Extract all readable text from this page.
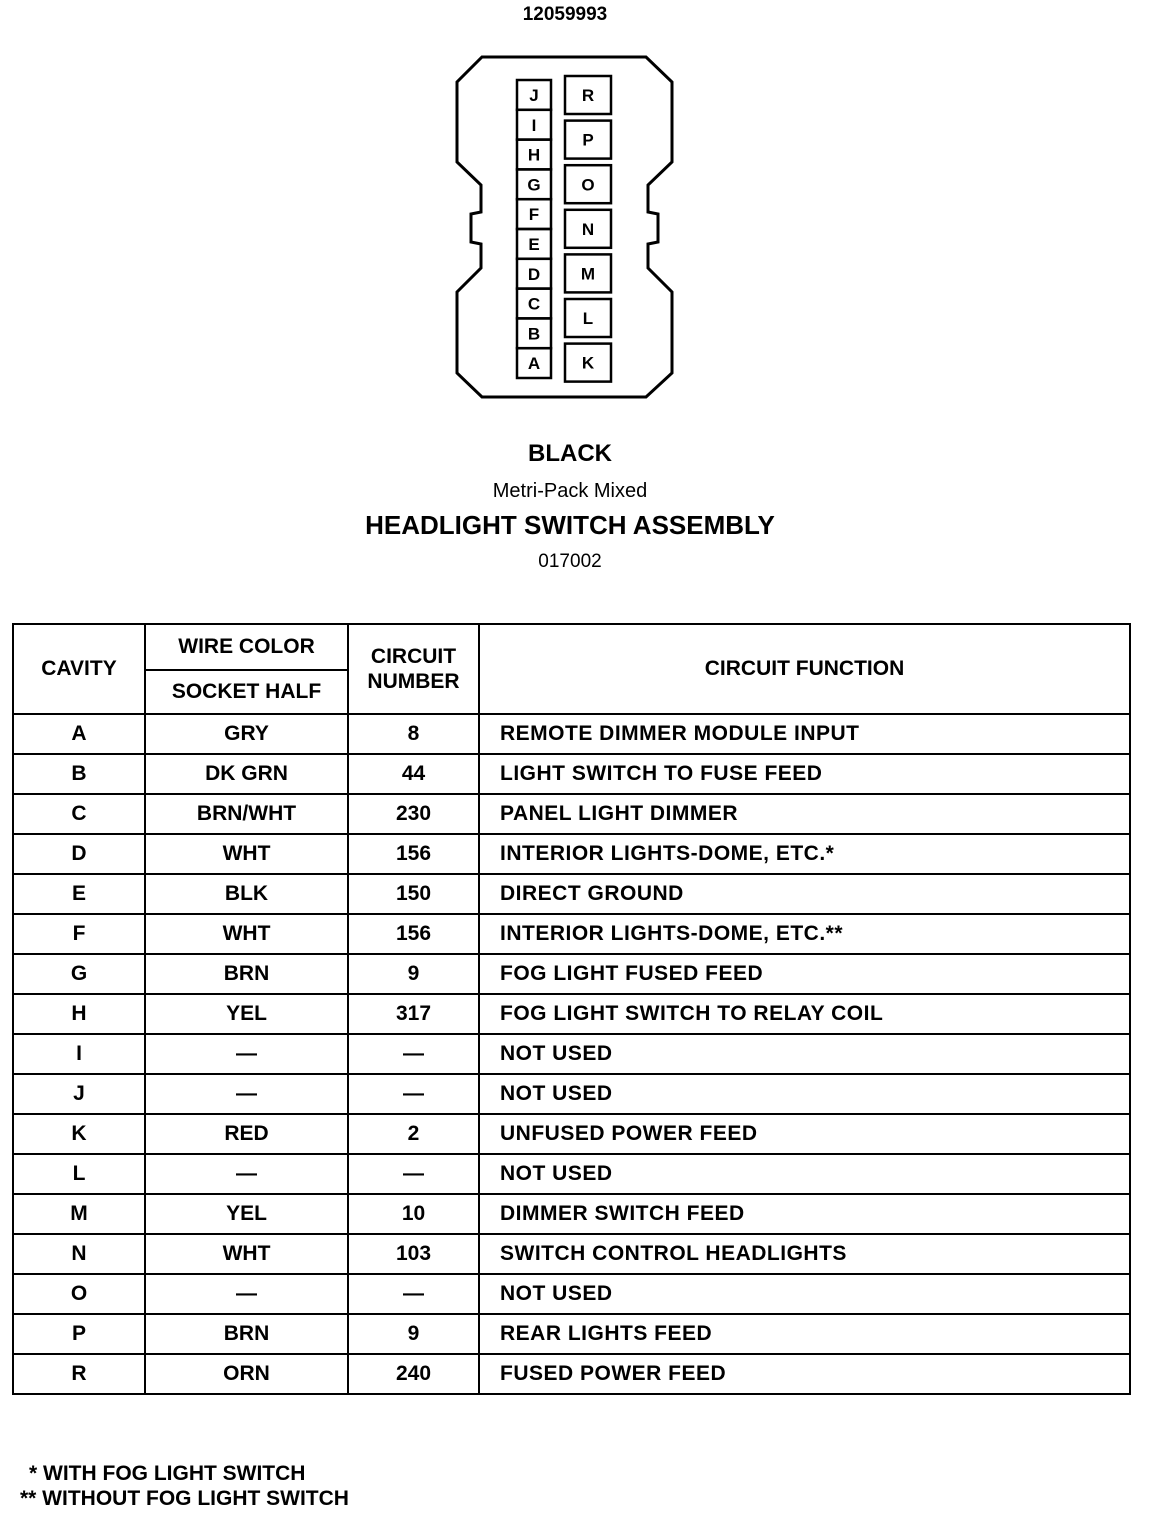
12059993
J
I
H
G
F
E
D
C
B
A
R
P
O
N
M
L
K
BLACK
Metri-Pack Mixed
HEADLIGHT SWITCH ASSEMBLY
017002
CAVITY	WIRE COLOR	CIRCUIT NUMBER	CIRCUIT FUNCTION
	SOCKET HALF		
A	GRY	8	REMOTE DIMMER MODULE INPUT
B	DK GRN	44	LIGHT SWITCH TO FUSE FEED
C	BRN/WHT	230	PANEL LIGHT DIMMER
D	WHT	156	INTERIOR LIGHTS-DOME, ETC.*
E	BLK	150	DIRECT GROUND
F	WHT	156	INTERIOR LIGHTS-DOME, ETC.**
G	BRN	9	FOG LIGHT FUSED FEED
H	YEL	317	FOG LIGHT SWITCH TO RELAY COIL
I	—	—	NOT USED
J	—	—	NOT USED
K	RED	2	UNFUSED POWER FEED
L	—	—	NOT USED
M	YEL	10	DIMMER SWITCH FEED
N	WHT	103	SWITCH CONTROL HEADLIGHTS
O	—	—	NOT USED
P	BRN	9	REAR LIGHTS FEED
R	ORN	240	FUSED POWER FEED
* WITH FOG LIGHT SWITCH
** WITHOUT FOG LIGHT SWITCH
